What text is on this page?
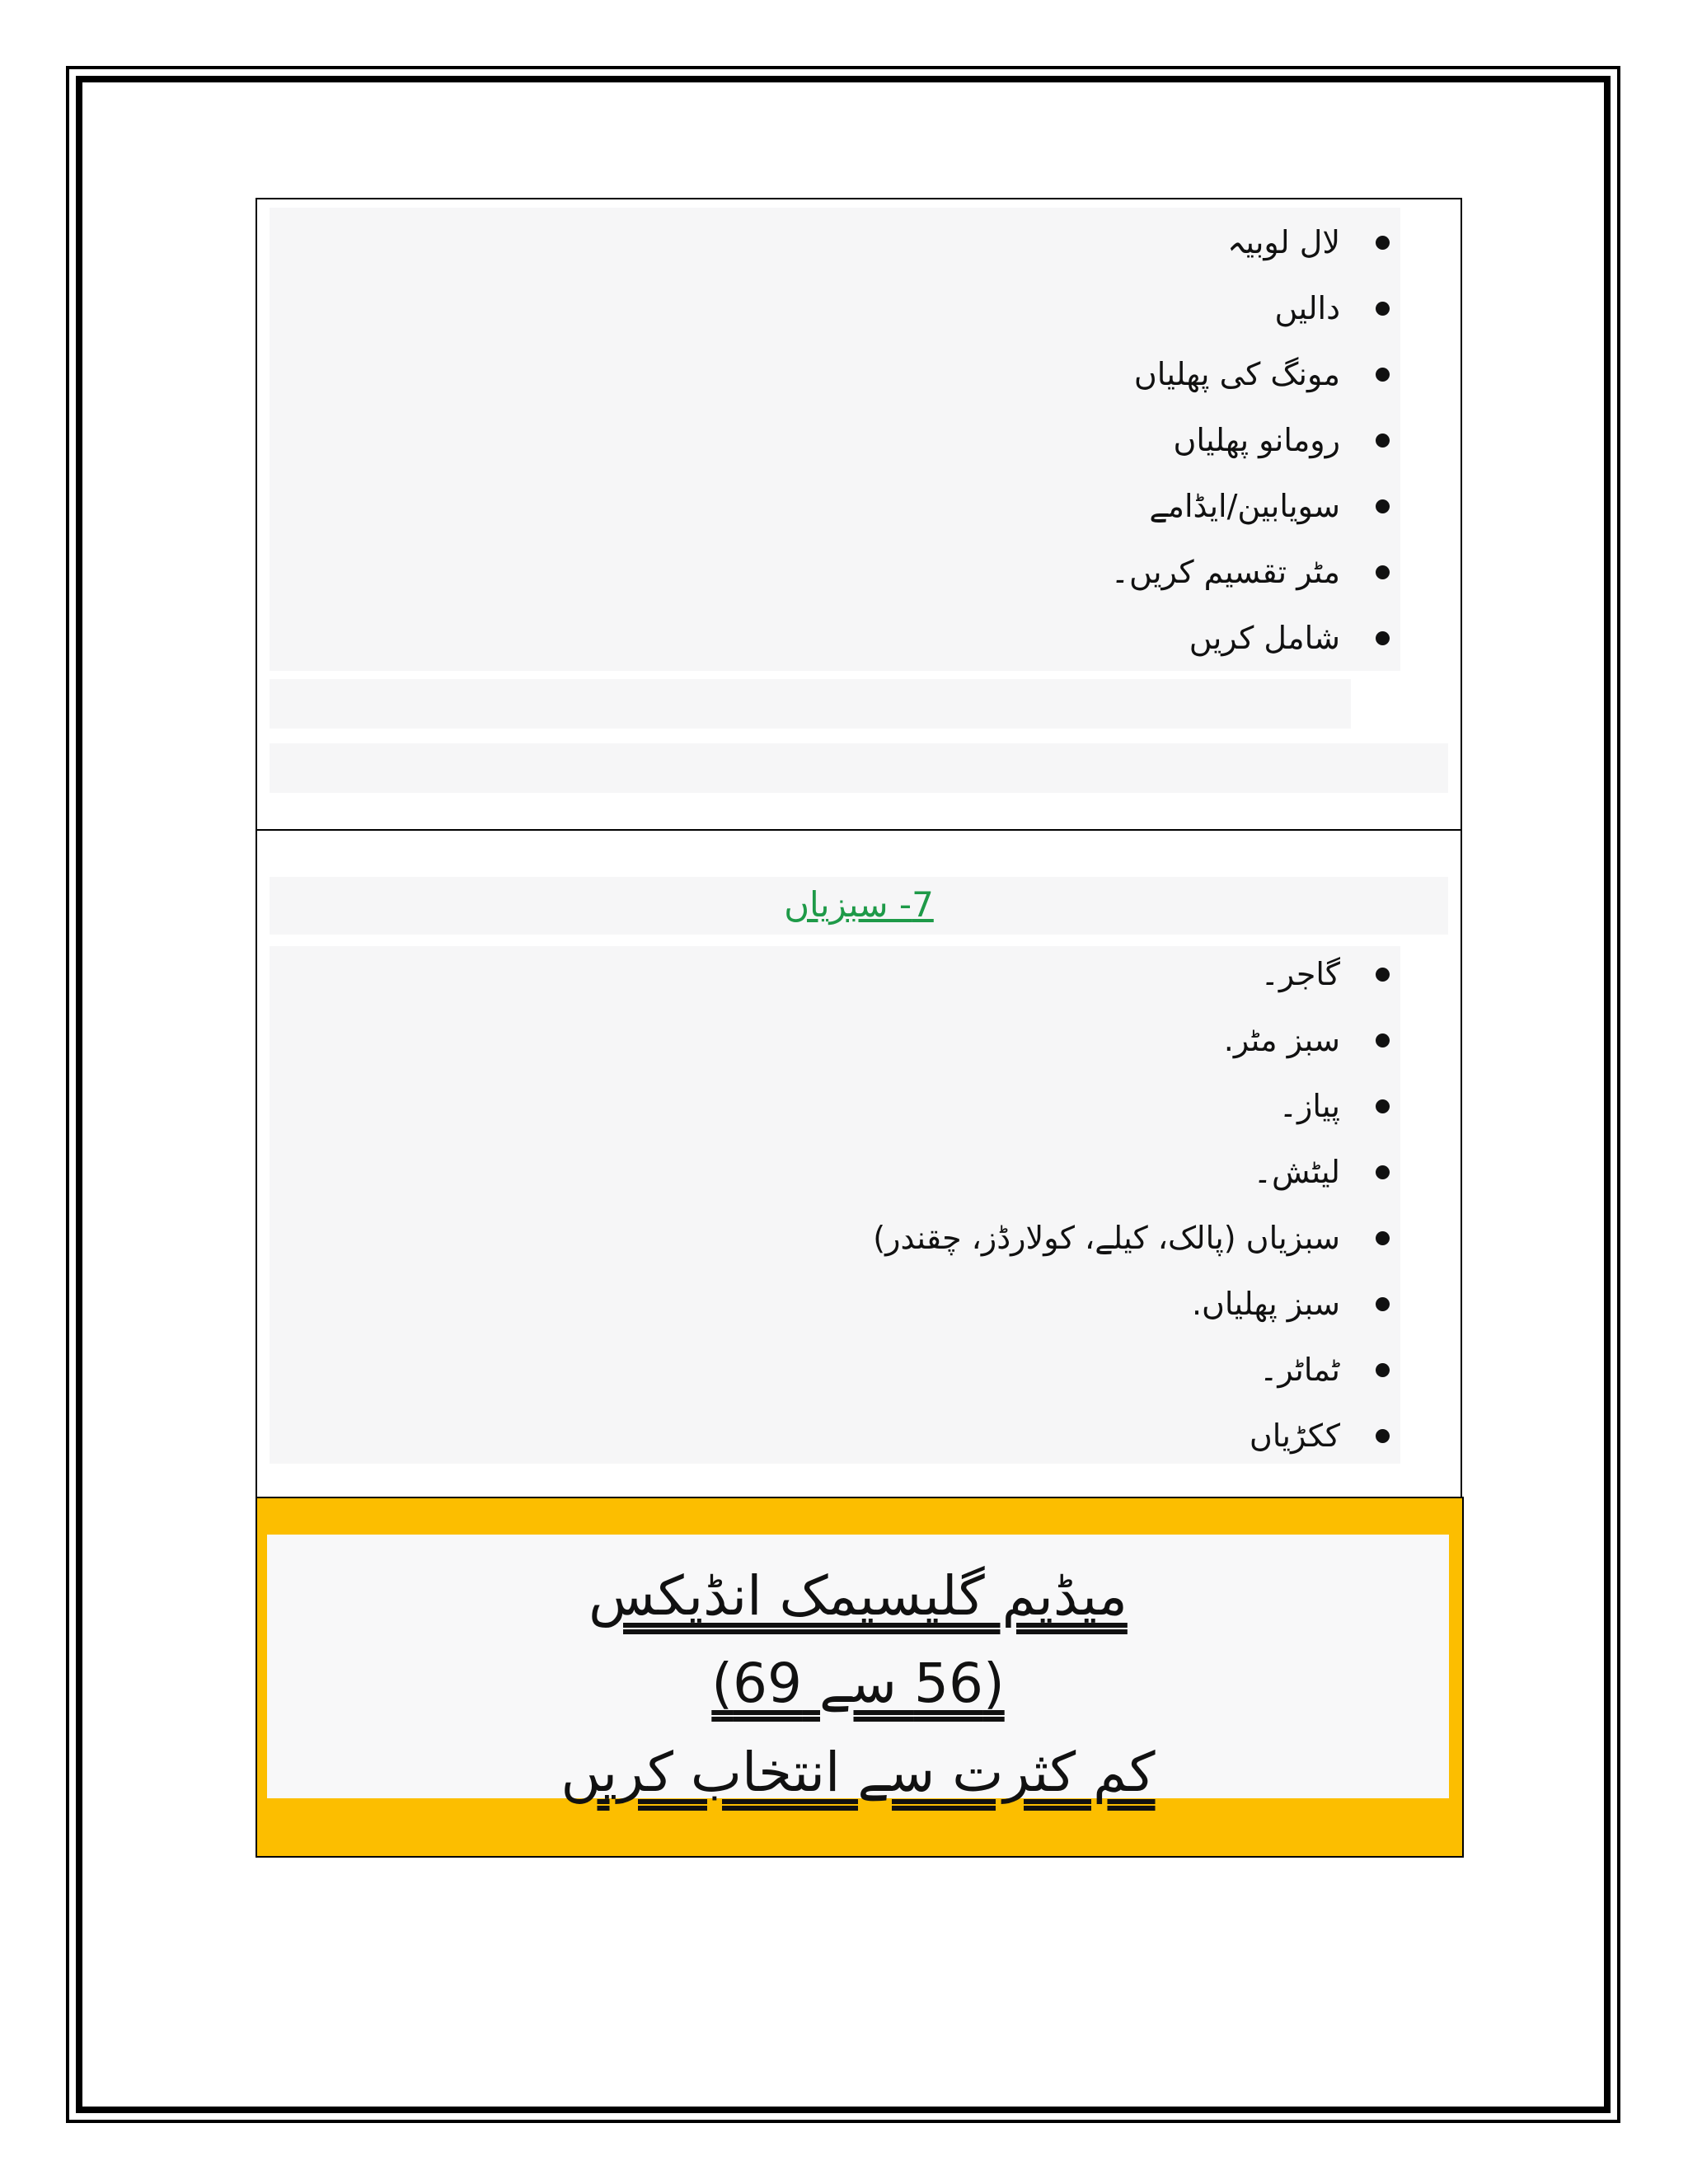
لال لوبیہ
دالیں
مونگ کی پھلیاں
رومانو پھلیاں
سویابین/ایڈامے
مٹر تقسیم کریں۔
شامل کریں
7- سبزیاں
گاجر۔
سبز مٹر.
پیاز۔
لیٹش۔
سبزیاں (پالک، کیلے، کولارڈز، چقندر)
سبز پھلیاں.
ٹماٹر۔
ککڑیاں
میڈیم گلیسیمک انڈیکس
(56 سے 69)
کم کثرت سے انتخاب کریں
